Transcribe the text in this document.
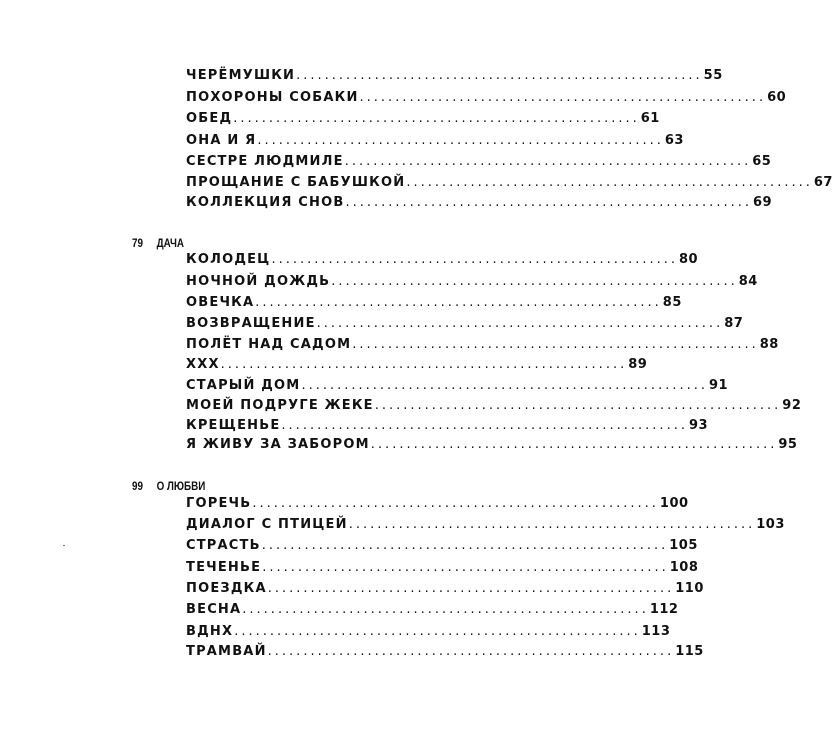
ЧЕРЁМУШКИ ......................................................... 55
ПОХОРОНЫ СОБАКИ ......................................................... 60
ОБЕД ......................................................... 61
ОНА И Я ......................................................... 63
СЕСТРЕ ЛЮДМИЛЕ ......................................................... 65
ПРОЩАНИЕ С БАБУШКОЙ ......................................................... 67
КОЛЛЕКЦИЯ СНОВ ......................................................... 69
79 ДАЧА
КОЛОДЕЦ ......................................................... 80
НОЧНОЙ ДОЖДЬ ......................................................... 84
ОВЕЧКА ......................................................... 85
ВОЗВРАЩЕНИЕ ......................................................... 87
ПОЛЁТ НАД САДОМ ......................................................... 88
XXX ......................................................... 89
СТАРЫЙ ДОМ ......................................................... 91
МОЕЙ ПОДРУГЕ ЖЕКЕ ......................................................... 92
КРЕЩЕНЬЕ ......................................................... 93
Я ЖИВУ ЗА ЗАБОРОМ ......................................................... 95
99 О ЛЮБВИ
ГОРЕЧЬ ......................................................... 100
ДИАЛОГ С ПТИЦЕЙ ......................................................... 103
СТРАСТЬ ......................................................... 105
ТЕЧЕНЬЕ ......................................................... 108
ПОЕЗДКА ......................................................... 110
ВЕСНА ......................................................... 112
ВДНХ ......................................................... 113
ТРАМВАЙ ......................................................... 115
